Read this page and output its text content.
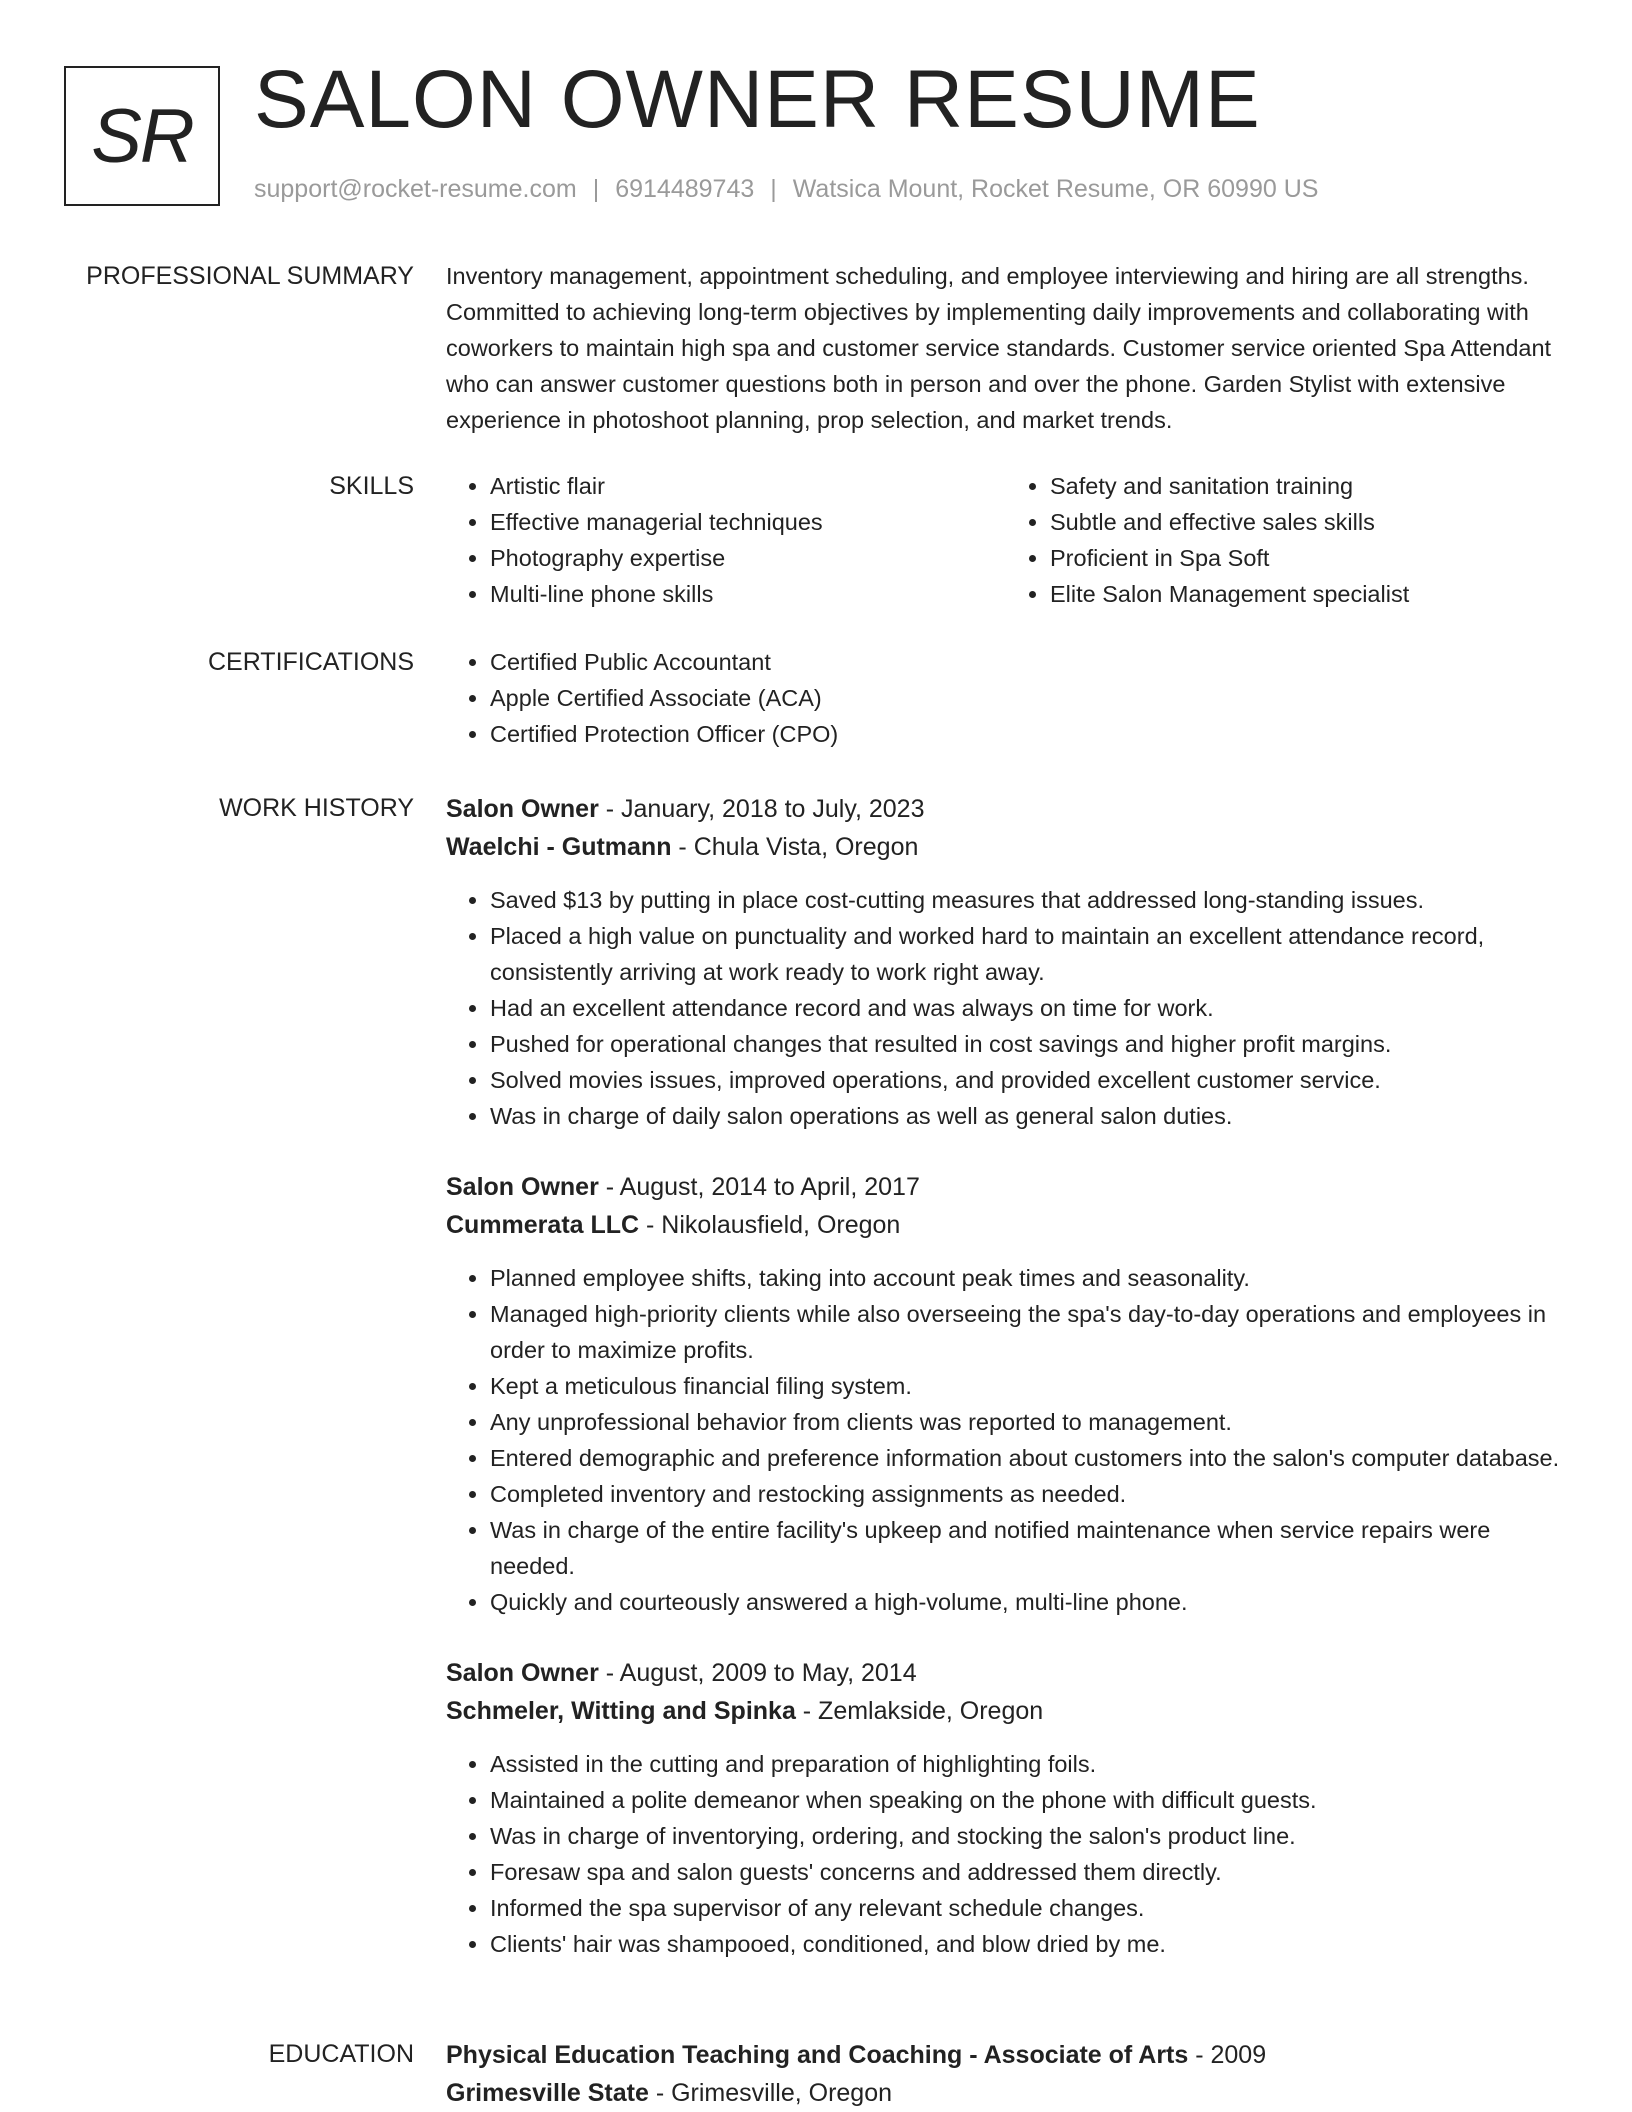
SR SALON OWNER RESUME
support@rocket-resume.com | 6914489743 | Watsica Mount, Rocket Resume, OR 60990 US
PROFESSIONAL SUMMARY Inventory management, appointment scheduling, and employee interviewing and hiring are all strengths. Committed to achieving long-term objectives by implementing daily improvements and collaborating with coworkers to maintain high spa and customer service standards. Customer service oriented Spa Attendant who can answer customer questions both in person and over the phone. Garden Stylist with extensive experience in photoshoot planning, prop selection, and market trends.

SKILLS	• Artistic flair
• Effective managerial techniques
• Photography expertise
• Multi-line phone skills
• Safety and sanitation training
• Subtle and effective sales skills
• Proficient in Spa Soft
• Elite Salon Management specialist
CERTIFICATIONS	• Certified Public Accountant
• Apple Certified Associate (ACA)
• Certified Protection Officer (CPO)
WORK HISTORY Salon Owner - January, 2018 to July, 2023
Waelchi - Gutmann - Chula Vista, Oregon
• Saved $13 by putting in place cost-cutting measures that addressed long-standing issues.
• Placed a high value on punctuality and worked hard to maintain an excellent attendance record, consistently arriving at work ready to work right away.
• Had an excellent attendance record and was always on time for work.
• Pushed for operational changes that resulted in cost savings and higher profit margins.
• Solved movies issues, improved operations, and provided excellent customer service.
• Was in charge of daily salon operations as well as general salon duties.
Salon Owner - August, 2014 to April, 2017
Cummerata LLC - Nikolausfield, Oregon
• Planned employee shifts, taking into account peak times and seasonality.
• Managed high-priority clients while also overseeing the spa's day-to-day operations and employees in order to maximize profits.
• Kept a meticulous financial filing system.
• Any unprofessional behavior from clients was reported to management.
• Entered demographic and preference information about customers into the salon's computer database.
• Completed inventory and restocking assignments as needed.
• Was in charge of the entire facility's upkeep and notified maintenance when service repairs were needed.
• Quickly and courteously answered a high-volume, multi-line phone.
Salon Owner - August, 2009 to May, 2014
Schmeler, Witting and Spinka - Zemlakside, Oregon
• Assisted in the cutting and preparation of highlighting foils.
• Maintained a polite demeanor when speaking on the phone with difficult guests.
• Was in charge of inventorying, ordering, and stocking the salon's product line.
• Foresaw spa and salon guests' concerns and addressed them directly.
• Informed the spa supervisor of any relevant schedule changes.
• Clients' hair was shampooed, conditioned, and blow dried by me.
EDUCATION Physical Education Teaching and Coaching - Associate of Arts - 2009
Grimesville State - Grimesville, Oregon
